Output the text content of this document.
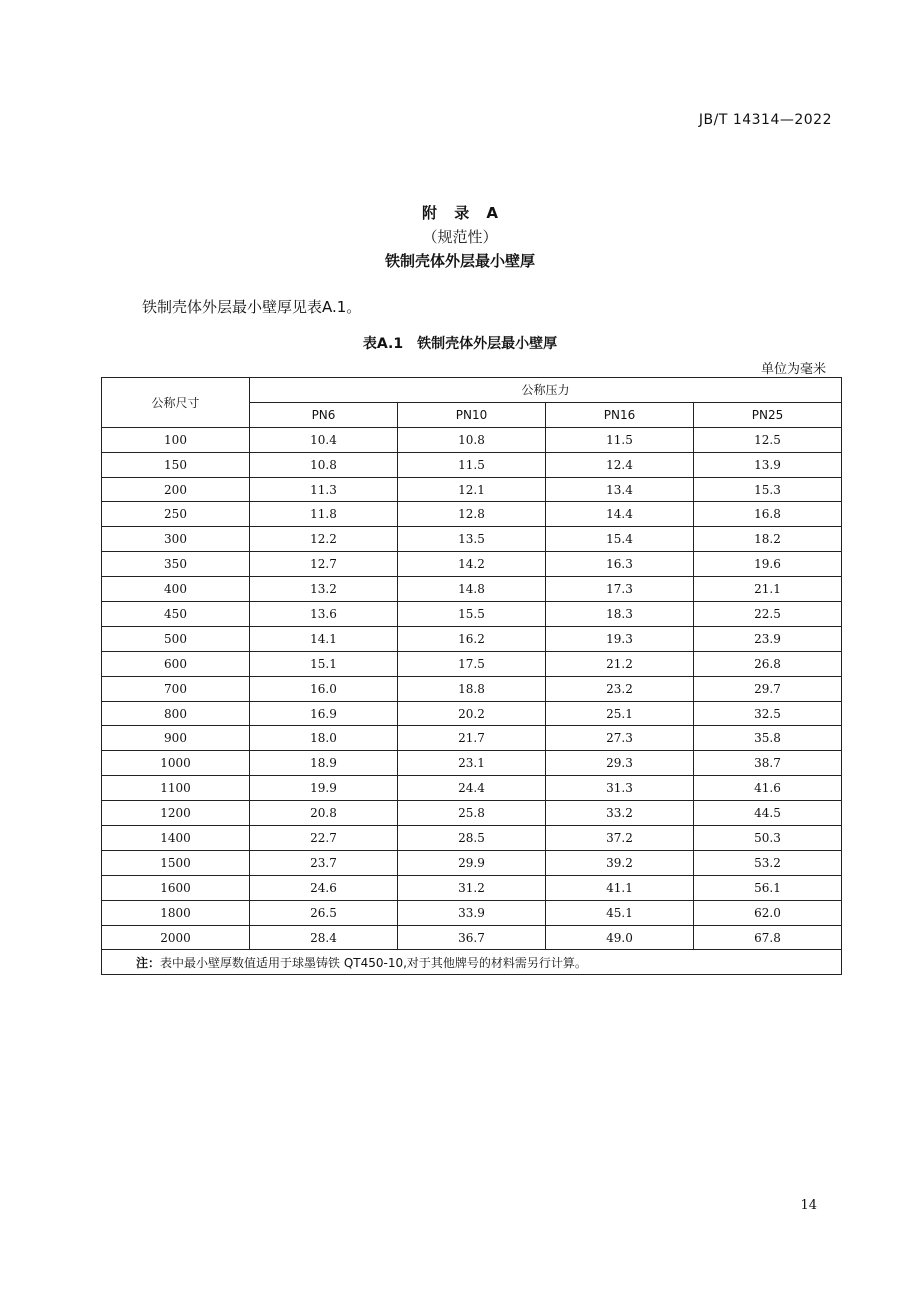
JB/T 14314—2022
附 录 A
（规范性）
铁制壳体外层最小壁厚
铁制壳体外层最小壁厚见表A.1。
表A.1　铁制壳体外层最小壁厚
单位为毫米
公称尺寸	公称压力			
	PN6	PN10	PN16	PN25
100	10.4	10.8	11.5	12.5
150	10.8	11.5	12.4	13.9
200	11.3	12.1	13.4	15.3
250	11.8	12.8	14.4	16.8
300	12.2	13.5	15.4	18.2
350	12.7	14.2	16.3	19.6
400	13.2	14.8	17.3	21.1
450	13.6	15.5	18.3	22.5
500	14.1	16.2	19.3	23.9
600	15.1	17.5	21.2	26.8
700	16.0	18.8	23.2	29.7
800	16.9	20.2	25.1	32.5
900	18.0	21.7	27.3	35.8
1000	18.9	23.1	29.3	38.7
1100	19.9	24.4	31.3	41.6
1200	20.8	25.8	33.2	44.5
1400	22.7	28.5	37.2	50.3
1500	23.7	29.9	39.2	53.2
1600	24.6	31.2	41.1	56.1
1800	26.5	33.9	45.1	62.0
2000	28.4	36.7	49.0	67.8
注：表中最小壁厚数值适用于球墨铸铁 QT450-10,对于其他牌号的材料需另行计算。				
14
